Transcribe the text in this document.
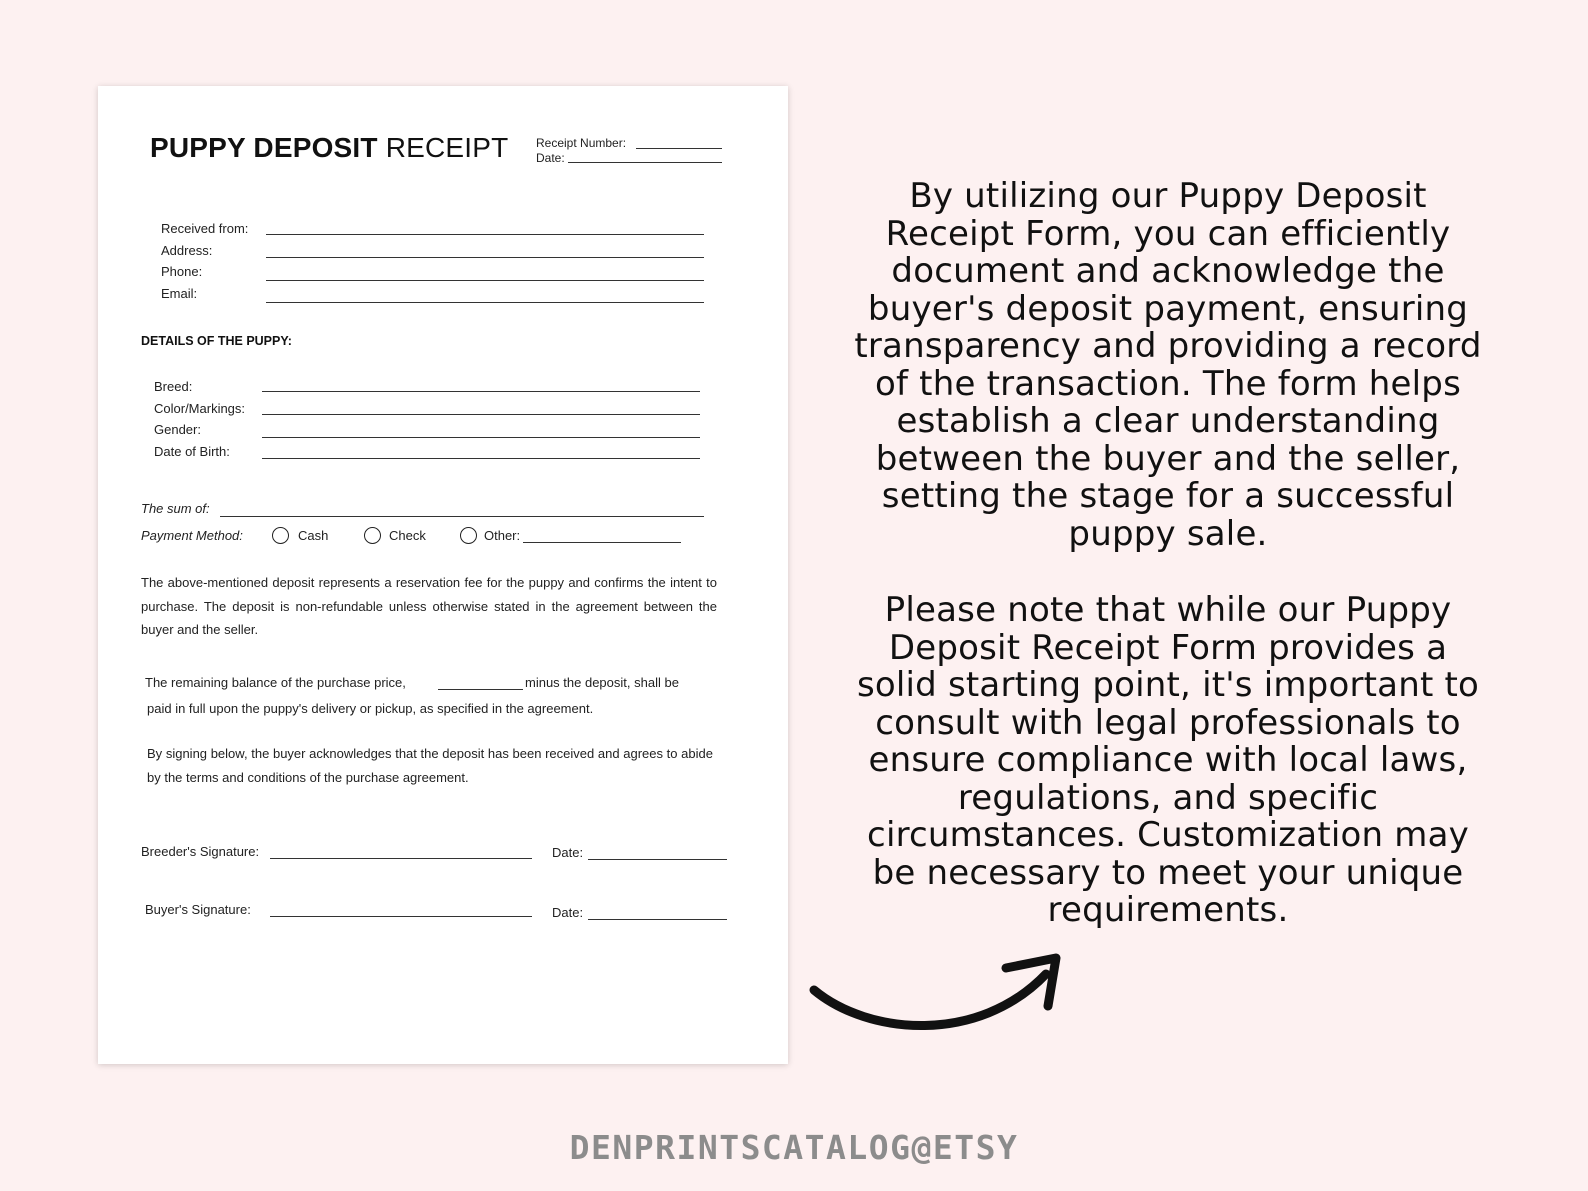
PUPPY DEPOSIT RECEIPT Receipt Number:
Date:
Received from:
Address:
Phone:
Email:
DETAILS OF THE PUPPY:
Breed:
Color/Markings:
Gender:
Date of Birth:
The sum of:
Payment Method:	Cash	Check	Other:
The above-mentioned deposit represents a reservation fee for the puppy and confirms the intent to purchase. The deposit is non-refundable unless otherwise stated in the agreement between the buyer and the seller.
The remaining balance of the purchase price,	minus the deposit, shall be
paid in full upon the puppy's delivery or pickup, as specified in the agreement.
By signing below, the buyer acknowledges that the deposit has been received and agrees to abide by the terms and conditions of the purchase agreement.
Breeder's Signature:	Date:
Buyer's Signature:	Date:
By utilizing our Puppy Deposit
Receipt Form, you can efficiently
document and acknowledge the
buyer's deposit payment, ensuring
transparency and providing a record
of the transaction. The form helps
establish a clear understanding
between the buyer and the seller,
setting the stage for a successful
puppy sale.
Please note that while our Puppy
Deposit Receipt Form provides a
solid starting point, it's important to
consult with legal professionals to
ensure compliance with local laws,
regulations, and specific
circumstances. Customization may
be necessary to meet your unique
requirements.
DENPRINTSCATALOG@ETSY
